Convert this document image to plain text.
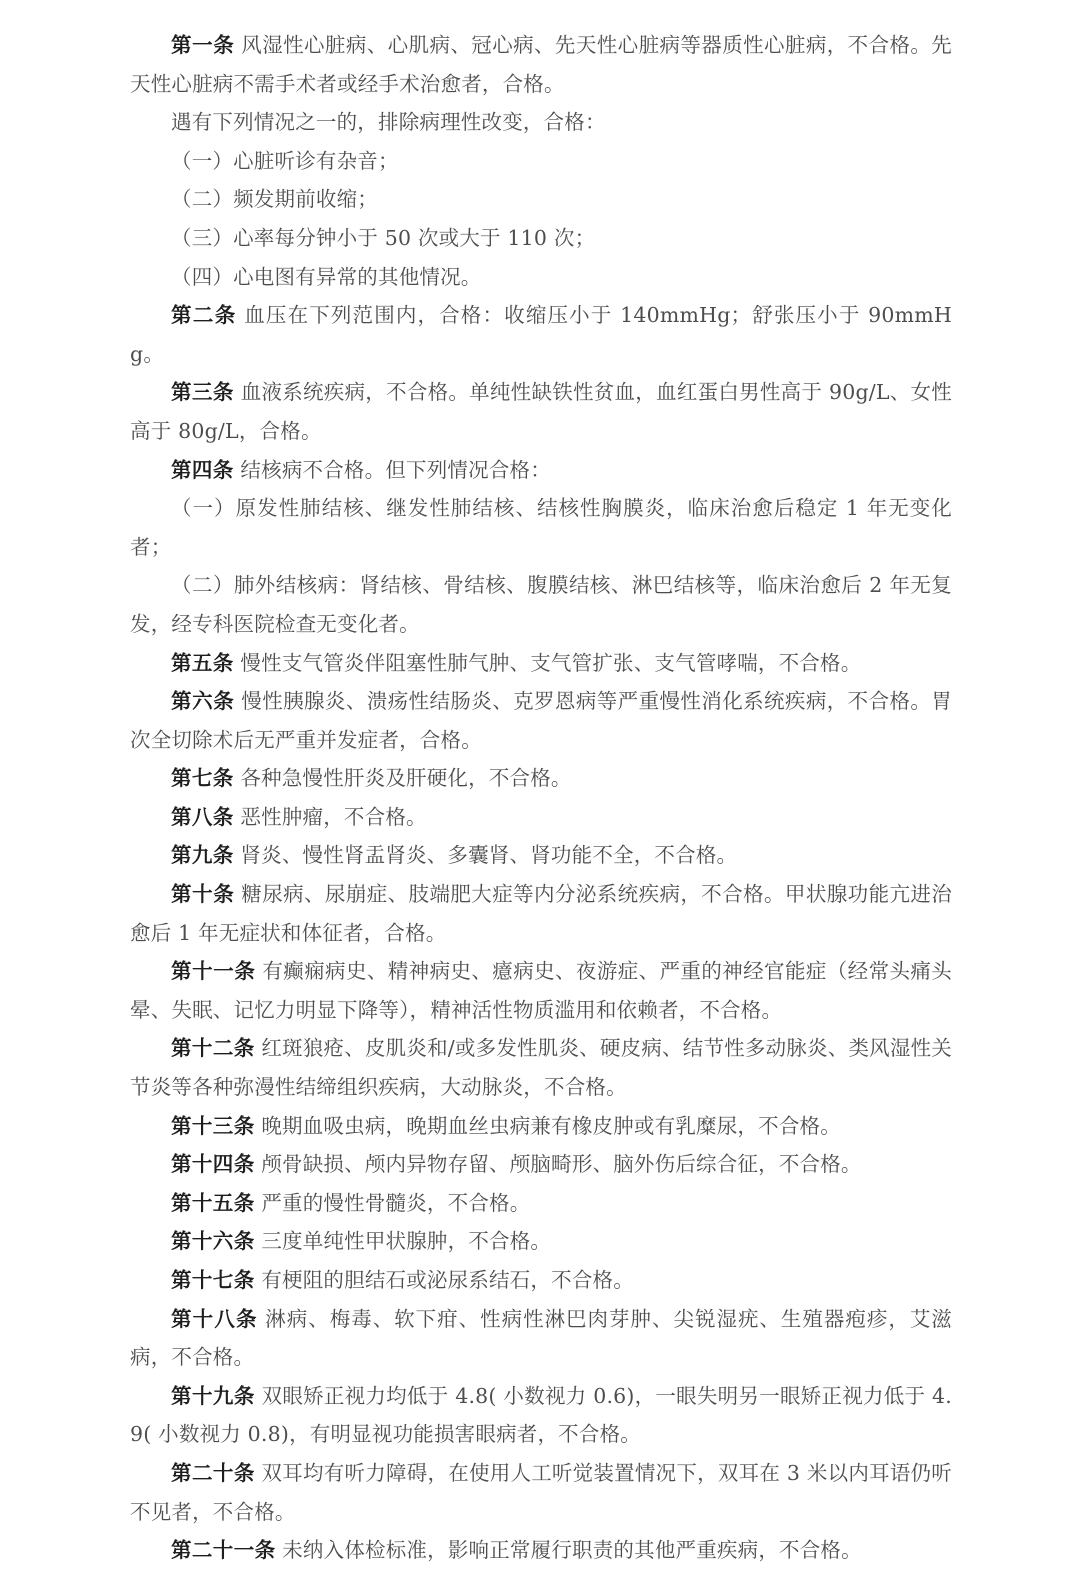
第一条 风湿性心脏病、心肌病、冠心病、先天性心脏病等器质性心脏病，不合格。先天性心脏病不需手术者或经手术治愈者，合格。

遇有下列情况之一的，排除病理性改变，合格：

（一）心脏听诊有杂音；

（二）频发期前收缩；

（三）心率每分钟小于 50 次或大于 110 次；

（四）心电图有异常的其他情况。

第二条 血压在下列范围内，合格：收缩压小于 140mmHg；舒张压小于 90mmHg。

第三条 血液系统疾病，不合格。单纯性缺铁性贫血，血红蛋白男性高于 90g/L、女性高于 80g/L，合格。

第四条 结核病不合格。但下列情况合格：

（一）原发性肺结核、继发性肺结核、结核性胸膜炎，临床治愈后稳定 1 年无变化者；

（二）肺外结核病：肾结核、骨结核、腹膜结核、淋巴结核等，临床治愈后 2 年无复发，经专科医院检查无变化者。

第五条 慢性支气管炎伴阻塞性肺气肿、支气管扩张、支气管哮喘，不合格。

第六条 慢性胰腺炎、溃疡性结肠炎、克罗恩病等严重慢性消化系统疾病，不合格。胃次全切除术后无严重并发症者，合格。

第七条 各种急慢性肝炎及肝硬化，不合格。

第八条 恶性肿瘤，不合格。

第九条 肾炎、慢性肾盂肾炎、多囊肾、肾功能不全，不合格。

第十条 糖尿病、尿崩症、肢端肥大症等内分泌系统疾病，不合格。甲状腺功能亢进治愈后 1 年无症状和体征者，合格。

第十一条 有癫痫病史、精神病史、癔病史、夜游症、严重的神经官能症（经常头痛头晕、失眠、记忆力明显下降等），精神活性物质滥用和依赖者，不合格。

第十二条 红斑狼疮、皮肌炎和/或多发性肌炎、硬皮病、结节性多动脉炎、类风湿性关节炎等各种弥漫性结缔组织疾病，大动脉炎，不合格。

第十三条 晚期血吸虫病，晚期血丝虫病兼有橡皮肿或有乳糜尿，不合格。

第十四条 颅骨缺损、颅内异物存留、颅脑畸形、脑外伤后综合征，不合格。

第十五条 严重的慢性骨髓炎，不合格。

第十六条 三度单纯性甲状腺肿，不合格。

第十七条 有梗阻的胆结石或泌尿系结石，不合格。

第十八条 淋病、梅毒、软下疳、性病性淋巴肉芽肿、尖锐湿疣、生殖器疱疹，艾滋病，不合格。

第十九条 双眼矫正视力均低于 4.8( 小数视力 0.6)，一眼失明另一眼矫正视力低于 4.9( 小数视力 0.8)，有明显视功能损害眼病者，不合格。

第二十条 双耳均有听力障碍，在使用人工听觉装置情况下，双耳在 3 米以内耳语仍听不见者，不合格。

第二十一条 未纳入体检标准，影响正常履行职责的其他严重疾病，不合格。
